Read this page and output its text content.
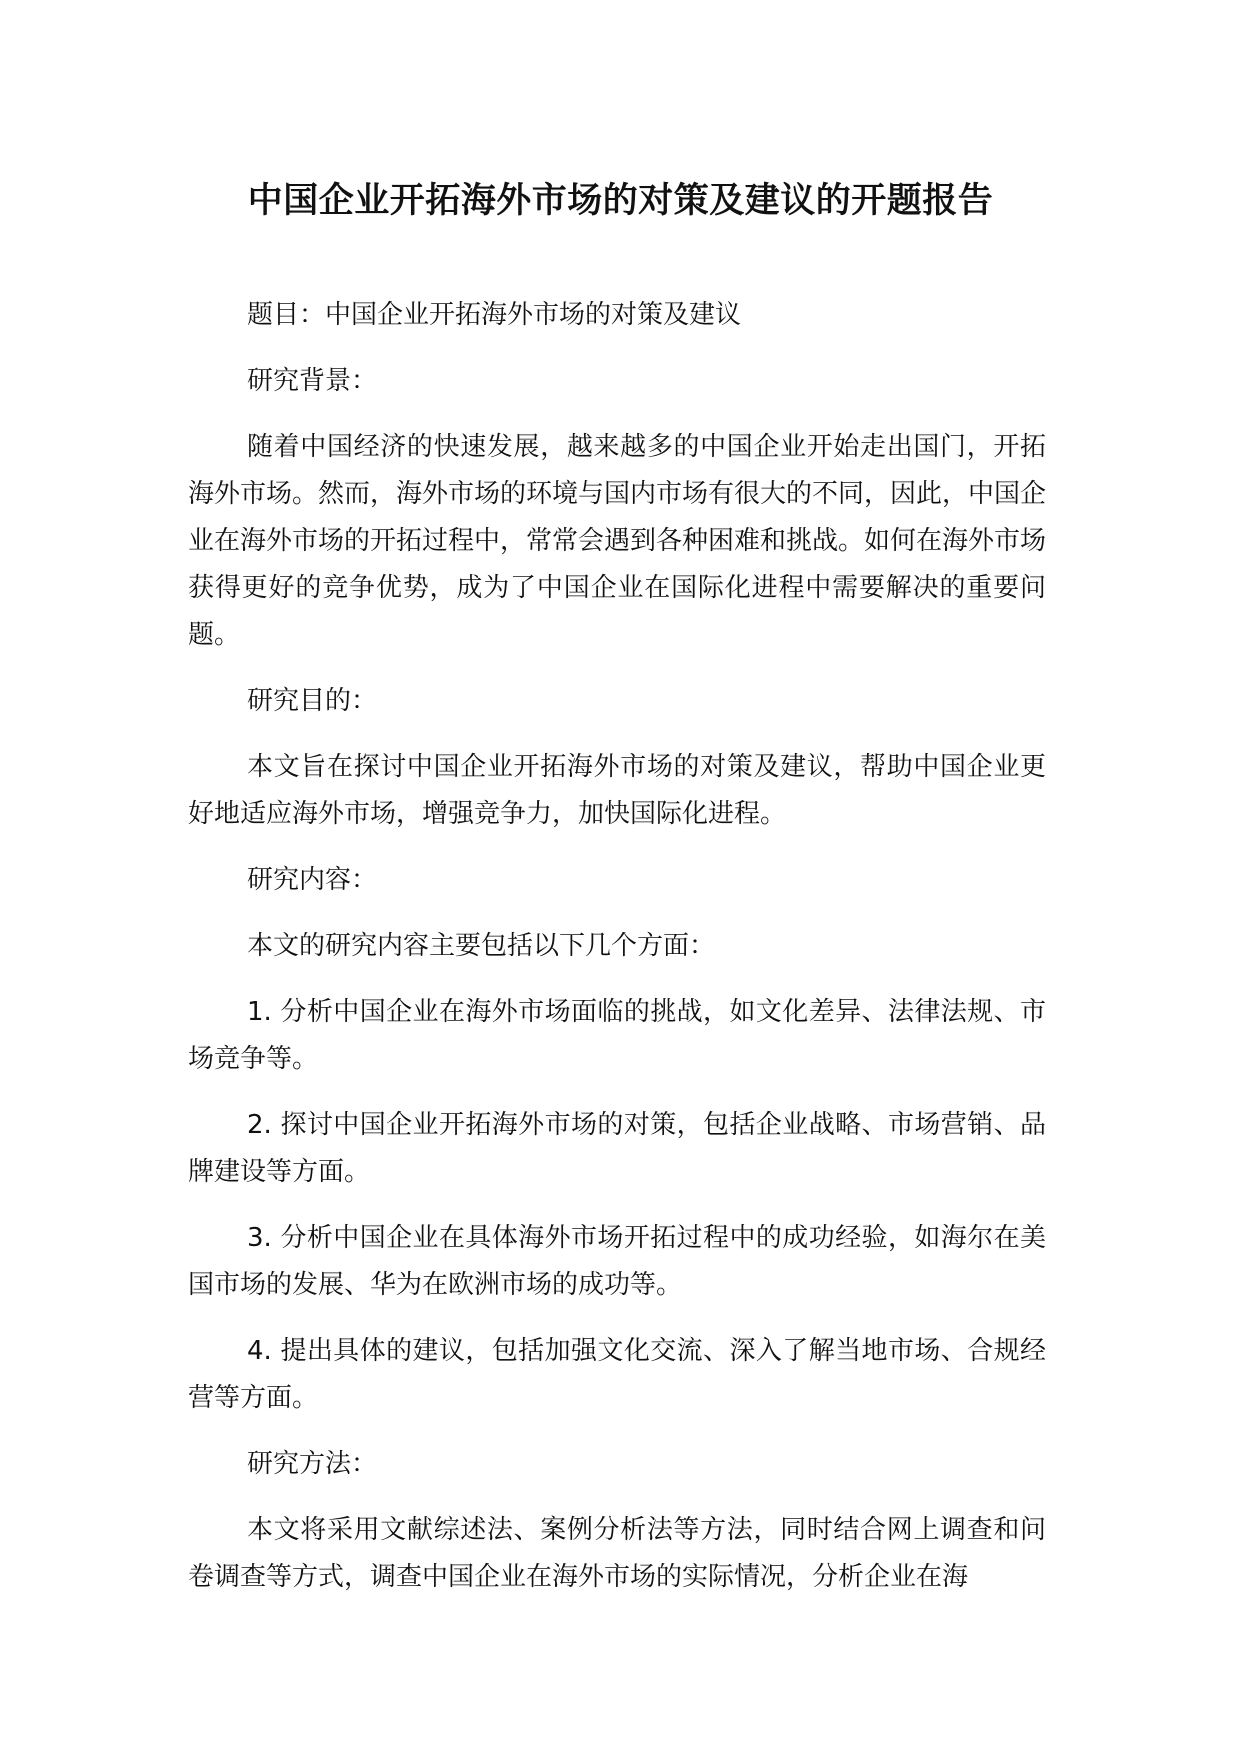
中国企业开拓海外市场的对策及建议的开题报告

题目：中国企业开拓海外市场的对策及建议

研究背景：

随着中国经济的快速发展，越来越多的中国企业开始走出国门，开拓海外市场。然而，海外市场的环境与国内市场有很大的不同，因此，中国企业在海外市场的开拓过程中，常常会遇到各种困难和挑战。如何在海外市场获得更好的竞争优势，成为了中国企业在国际化进程中需要解决的重要问题。

研究目的：

本文旨在探讨中国企业开拓海外市场的对策及建议，帮助中国企业更好地适应海外市场，增强竞争力，加快国际化进程。

研究内容：

本文的研究内容主要包括以下几个方面：

1. 分析中国企业在海外市场面临的挑战，如文化差异、法律法规、市场竞争等。

2. 探讨中国企业开拓海外市场的对策，包括企业战略、市场营销、品牌建设等方面。

3. 分析中国企业在具体海外市场开拓过程中的成功经验，如海尔在美国市场的发展、华为在欧洲市场的成功等。

4. 提出具体的建议，包括加强文化交流、深入了解当地市场、合规经营等方面。

研究方法：

本文将采用文献综述法、案例分析法等方法，同时结合网上调查和问卷调查等方式，调查中国企业在海外市场的实际情况，分析企业在海
